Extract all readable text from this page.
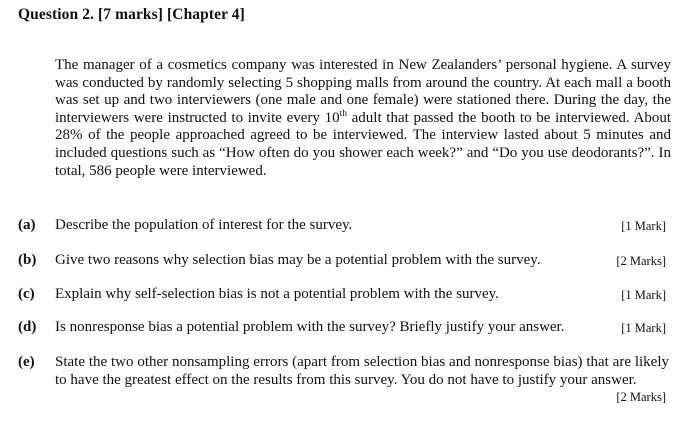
Question 2. [7 marks] [Chapter 4]

The manager of a cosmetics company was interested in New Zealanders’ personal hygiene. A survey was conducted by randomly selecting 5 shopping malls from around the country. At each mall a booth was set up and two interviewers (one male and one female) were stationed there. During the day, the interviewers were instructed to invite every 10th adult that passed the booth to be interviewed. About 28% of the people approached agreed to be interviewed. The interview lasted about 5 minutes and included questions such as “How often do you shower each week?” and “Do you use deodorants?”. In total, 586 people were interviewed.

(a) Describe the population of interest for the survey.	[1 Mark]
(b) Give two reasons why selection bias may be a potential problem with the survey.	[2 Marks]
(c) Explain why self-selection bias is not a potential problem with the survey.	[1 Mark]
(d) Is nonresponse bias a potential problem with the survey? Briefly justify your answer.	[1 Mark]
(e) State the two other nonsampling errors (apart from selection bias and nonresponse bias) that are likely to have the greatest effect on the results from this survey. You do not have to justify your answer.
[2 Marks]
